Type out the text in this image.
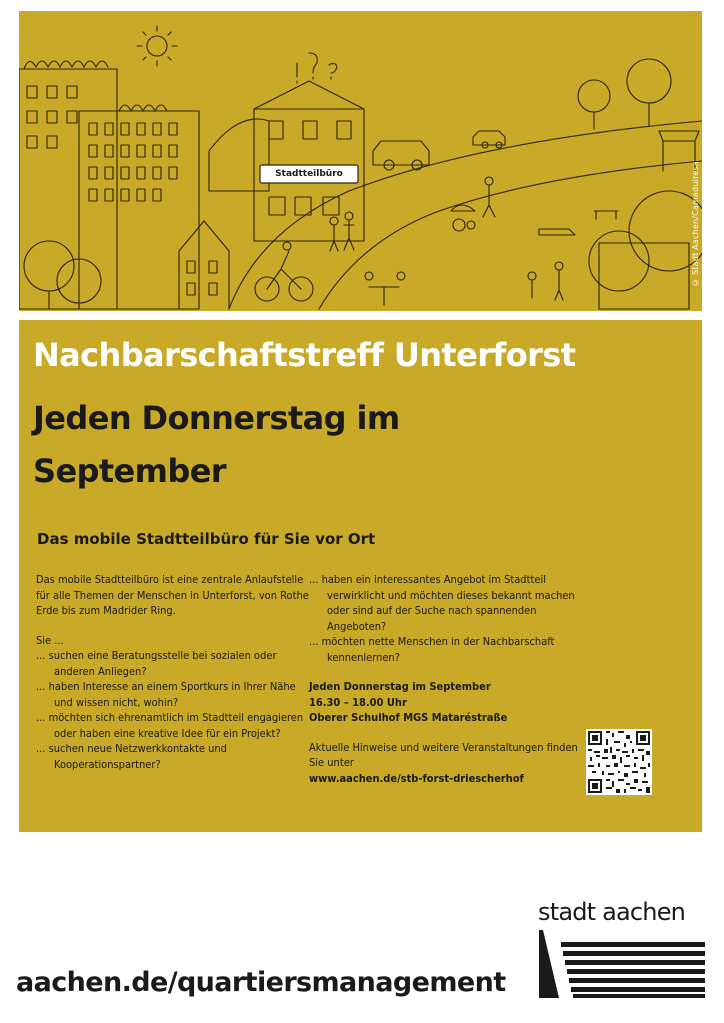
Stadtteilbüro	© Stadt Aachen/Camaduiresa
Nachbarschaftstreff Unterforst
Jeden Donnerstag im September
Das mobile Stadtteilbüro für Sie vor Ort

Das mobile Stadtteilbüro ist eine zentrale Anlaufstelle für alle Themen der Menschen in Unterforst, von Rothe Erde bis zum Madrider Ring.

Sie ...

... suchen eine Beratungsstelle bei sozialen oder anderen Anliegen?

... haben Interesse an einem Sportkurs in Ihrer Nähe und wissen nicht, wohin?

... möchten sich ehrenamtlich im Stadtteil engagieren oder haben eine kreative Idee für ein Projekt?

... suchen neue Netzwerkkontakte und Kooperationspartner?

... haben ein interessantes Angebot im Stadtteil verwirklicht und möchten dieses bekannt machen oder sind auf der Suche nach spannenden Angeboten?

... möchten nette Menschen in der Nachbarschaft kennenlernen?

Jeden Donnerstag im September

16.30 – 18.00 Uhr

Oberer Schulhof MGS Mataréstraße

Aktuelle Hinweise und weitere Veranstaltungen finden Sie unter

www.aachen.de/stb-forst-driescherhof

aachen.de/quartiersmanagement
stadt aachen
